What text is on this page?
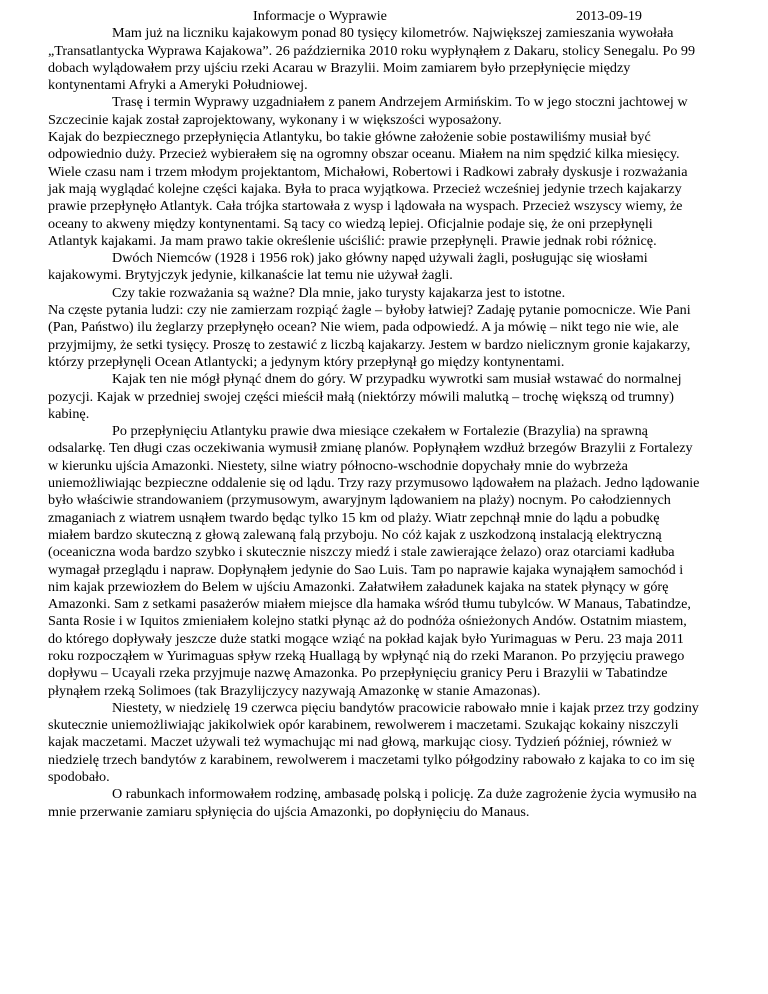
Informacje o Wyprawie	2013-09-19

Mam już na liczniku kajakowym ponad 80 tysięcy kilometrów. Największej zamieszania wywołała „Transatlantycka Wyprawa Kajakowa”. 26 października 2010 roku wypłynąłem z Dakaru, stolicy Senegalu. Po 99 dobach wylądowałem przy ujściu rzeki Acarau w Brazylii. Moim zamiarem było przepłynięcie między kontynentami Afryki a Ameryki Południowej.

Trasę i termin Wyprawy uzgadniałem z panem Andrzejem Armińskim. To w jego stoczni jachtowej w Szczecinie kajak został zaprojektowany, wykonany i w większości wyposażony.

Kajak do bezpiecznego przepłynięcia Atlantyku, bo takie główne założenie sobie postawiliśmy musiał być odpowiednio duży. Przecież wybierałem się na ogromny obszar oceanu. Miałem na nim spędzić kilka miesięcy. Wiele czasu nam i trzem młodym projektantom, Michałowi, Robertowi i Radkowi zabrały dyskusje i rozważania jak mają wyglądać kolejne części kajaka. Była to praca wyjątkowa. Przecież wcześniej jedynie trzech kajakarzy prawie przepłynęło Atlantyk. Cała trójka startowała z wysp i lądowała na wyspach. Przecież wszyscy wiemy, że oceany to akweny między kontynentami. Są tacy co wiedzą lepiej. Oficjalnie podaje się, że oni przepłynęli Atlantyk kajakami. Ja mam prawo takie określenie uściślić: prawie przepłynęli. Prawie jednak robi różnicę.

Dwóch Niemców (1928 i 1956 rok) jako główny napęd używali żagli, posługując się wiosłami kajakowymi. Brytyjczyk jedynie, kilkanaście lat temu nie używał żagli.

Czy takie rozważania są ważne? Dla mnie, jako turysty kajakarza jest to istotne.

Na częste pytania ludzi: czy nie zamierzam rozpiąć żagle – byłoby łatwiej? Zadaję pytanie pomocnicze. Wie Pani (Pan, Państwo) ilu żeglarzy przepłynęło ocean? Nie wiem, pada odpowiedź. A ja mówię – nikt tego nie wie, ale przyjmijmy, że setki tysięcy. Proszę to zestawić z liczbą kajakarzy. Jestem w bardzo nielicznym gronie kajakarzy, którzy przepłynęli Ocean Atlantycki; a jedynym który przepłynął go między kontynentami.

Kajak ten nie mógł płynąć dnem do góry. W przypadku wywrotki sam musiał wstawać do normalnej pozycji. Kajak w przedniej swojej części mieścił małą (niektórzy mówili malutką – trochę większą od trumny) kabinę.

Po przepłynięciu Atlantyku prawie dwa miesiące czekałem w Fortalezie (Brazylia) na sprawną odsalarkę. Ten długi czas oczekiwania wymusił zmianę planów. Popłynąłem wzdłuż brzegów Brazylii z Fortalezy w kierunku ujścia Amazonki. Niestety, silne wiatry północno-wschodnie dopychały mnie do wybrzeża uniemożliwiając bezpieczne oddalenie się od lądu. Trzy razy przymusowo lądowałem na plażach. Jedno lądowanie było właściwie strandowaniem (przymusowym, awaryjnym lądowaniem na plaży) nocnym. Po całodziennych zmaganiach z wiatrem usnąłem twardo będąc tylko 15 km od plaży. Wiatr zepchnął mnie do lądu a pobudkę miałem bardzo skuteczną z głową zalewaną falą przyboju. No cóż kajak z uszkodzoną instalacją elektryczną (oceaniczna woda bardzo szybko i skutecznie niszczy miedź i stale zawierające żelazo) oraz otarciami kadłuba wymagał przeglądu i napraw. Dopłynąłem jedynie do Sao Luis. Tam po naprawie kajaka wynająłem samochód i nim kajak przewiozłem do Belem w ujściu Amazonki. Załatwiłem załadunek kajaka na statek płynący w górę Amazonki. Sam z setkami pasażerów miałem miejsce dla hamaka wśród tłumu tubylców. W Manaus, Tabatindze, Santa Rosie i w Iquitos zmieniałem kolejno statki płynąc aż do podnóża ośnieżonych Andów. Ostatnim miastem, do którego dopływały jeszcze duże statki mogące wziąć na pokład kajak było Yurimaguas w Peru. 23 maja 2011 roku rozpocząłem w Yurimaguas spływ rzeką Huallagą by wpłynąć nią do rzeki Maranon. Po przyjęciu prawego dopływu – Ucayali rzeka przyjmuje nazwę Amazonka. Po przepłynięciu granicy Peru i Brazylii w Tabatindze płynąłem rzeką Solimoes (tak Brazylijczycy nazywają Amazonkę w stanie Amazonas).

Niestety, w niedzielę 19 czerwca pięciu bandytów pracowicie rabowało mnie i kajak przez trzy godziny skutecznie uniemożliwiając jakikolwiek opór karabinem, rewolwerem i maczetami. Szukając kokainy niszczyli kajak maczetami. Maczet używali też wymachując mi nad głową, markując ciosy. Tydzień później, również w niedzielę trzech bandytów z karabinem, rewolwerem i maczetami tylko półgodziny rabowało z kajaka to co im się spodobało.

O rabunkach informowałem rodzinę, ambasadę polską i policję. Za duże zagrożenie życia wymusiło na mnie przerwanie zamiaru spłynięcia do ujścia Amazonki, po dopłynięciu do Manaus.
